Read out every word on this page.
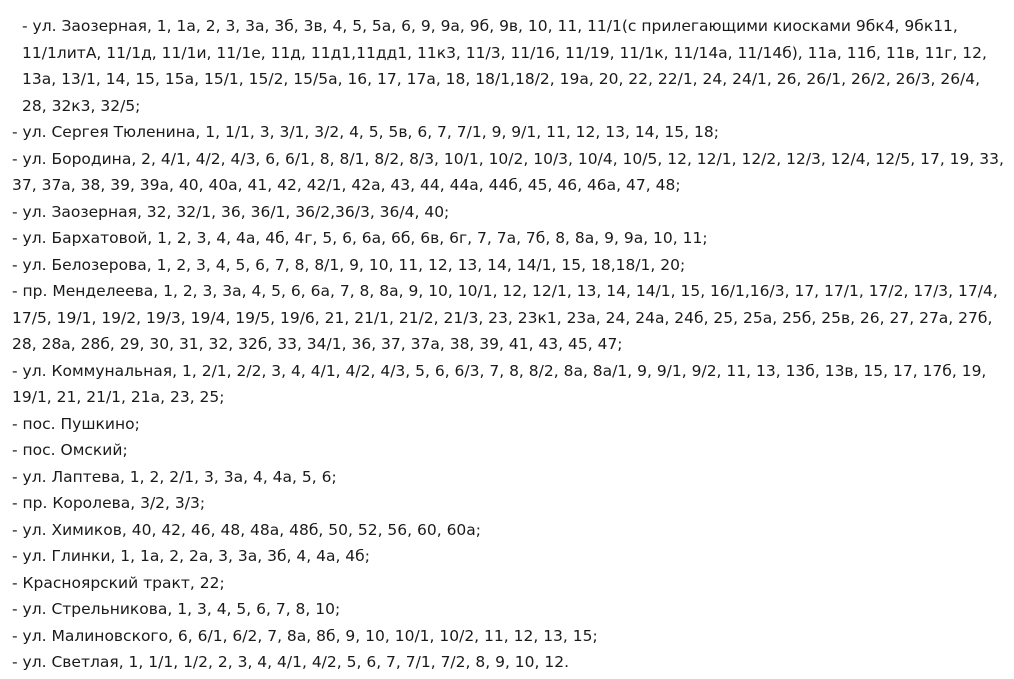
- ул. Заозерная, 1, 1а, 2, 3, 3а, 3б, 3в, 4, 5, 5а, 6, 9, 9а, 9б, 9в, 10, 11, 11/1(с прилегающими киосками 9бк4, 9бк11, 11/1литА, 11/1д, 11/1и, 11/1е, 11д, 11д1,11дд1, 11к3, 11/3, 11/16, 11/19, 11/1к, 11/14а, 11/14б), 11а, 11б, 11в, 11г, 12, 13а, 13/1, 14, 15, 15а, 15/1, 15/2, 15/5а, 16, 17, 17а, 18, 18/1,18/2, 19а, 20, 22, 22/1, 24, 24/1, 26, 26/1, 26/2, 26/3, 26/4, 28, 32к3, 32/5;

- ул. Сергея Тюленина, 1, 1/1, 3, 3/1, 3/2, 4, 5, 5в, 6, 7, 7/1, 9, 9/1, 11, 12, 13, 14, 15, 18;

- ул. Бородина, 2, 4/1, 4/2, 4/3, 6, 6/1, 8, 8/1, 8/2, 8/3, 10/1, 10/2, 10/3, 10/4, 10/5, 12, 12/1, 12/2, 12/3, 12/4, 12/5, 17, 19, 33, 37, 37а, 38, 39, 39а, 40, 40а, 41, 42, 42/1, 42а, 43, 44, 44а, 44б, 45, 46, 46а, 47, 48;

- ул. Заозерная, 32, 32/1, 36, 36/1, 36/2,36/3, 36/4, 40;

- ул. Бархатовой, 1, 2, 3, 4, 4а, 4б, 4г, 5, 6, 6а, 6б, 6в, 6г, 7, 7а, 7б, 8, 8а, 9, 9а, 10, 11;

- ул. Белозерова, 1, 2, 3, 4, 5, 6, 7, 8, 8/1, 9, 10, 11, 12, 13, 14, 14/1, 15, 18,18/1, 20;

- пр. Менделеева, 1, 2, 3, 3а, 4, 5, 6, 6а, 7, 8, 8а, 9, 10, 10/1, 12, 12/1, 13, 14, 14/1, 15, 16/1,16/3, 17, 17/1, 17/2, 17/3, 17/4, 17/5, 19/1, 19/2, 19/3, 19/4, 19/5, 19/6, 21, 21/1, 21/2, 21/3, 23, 23к1, 23а, 24, 24а, 24б, 25, 25а, 25б, 25в, 26, 27, 27а, 27б, 28, 28а, 28б, 29, 30, 31, 32, 32б, 33, 34/1, 36, 37, 37а, 38, 39, 41, 43, 45, 47;

- ул. Коммунальная, 1, 2/1, 2/2, 3, 4, 4/1, 4/2, 4/3, 5, 6, 6/3, 7, 8, 8/2, 8а, 8а/1, 9, 9/1, 9/2, 11, 13, 13б, 13в, 15, 17, 17б, 19, 19/1, 21, 21/1, 21а, 23, 25;

- пос. Пушкино;

- пос. Омский;

- ул. Лаптева, 1, 2, 2/1, 3, 3а, 4, 4а, 5, 6;

- пр. Королева, 3/2, 3/3;

- ул. Химиков, 40, 42, 46, 48, 48а, 48б, 50, 52, 56, 60, 60а;

- ул. Глинки, 1, 1а, 2, 2а, 3, 3а, 3б, 4, 4а, 4б;

- Красноярский тракт, 22;

- ул. Стрельникова, 1, 3, 4, 5, 6, 7, 8, 10;

- ул. Малиновского, 6, 6/1, 6/2, 7, 8а, 8б, 9, 10, 10/1, 10/2, 11, 12, 13, 15;

- ул. Светлая, 1, 1/1, 1/2, 2, 3, 4, 4/1, 4/2, 5, 6, 7, 7/1, 7/2, 8, 9, 10, 12.
